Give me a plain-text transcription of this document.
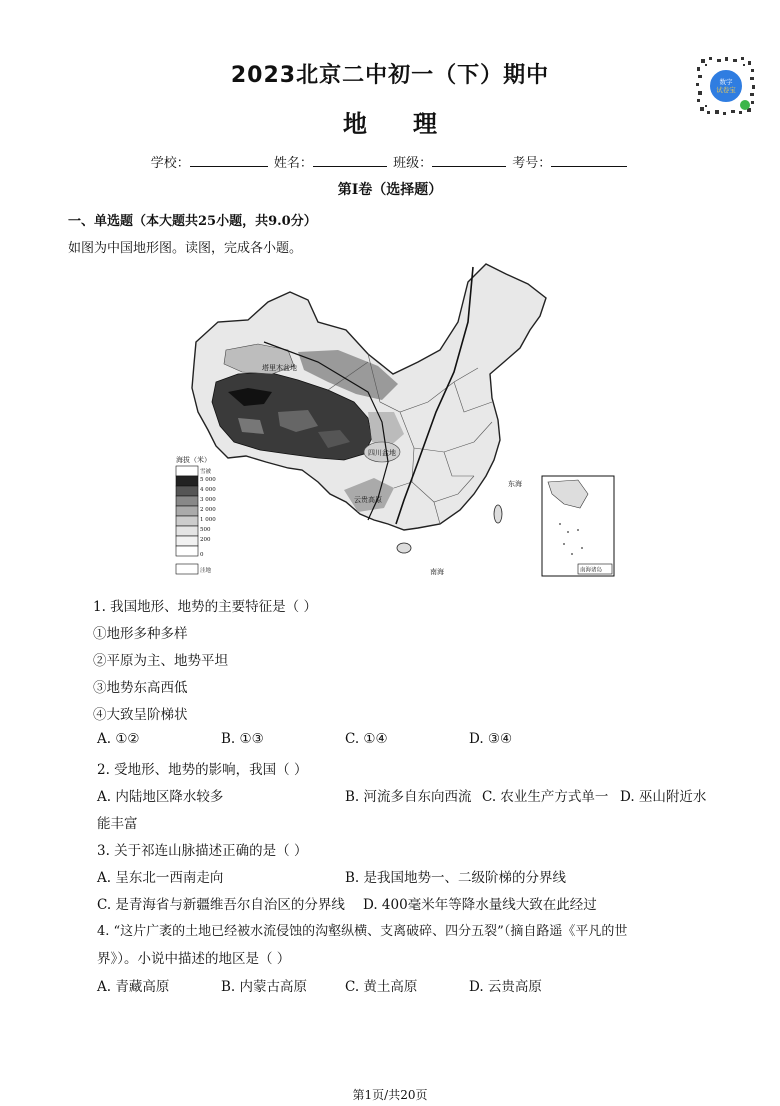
2023北京二中初一（下）期中	数字
试卷宝
地理
学校：	姓名：	班级：	考号：
第I卷（选择题）
一、单选题（本大题共25小题，共9.0分）
如图为中国地形图。读图，完成各小题。
塔里木盆地
四川盆地
云贵高原
东海
南海
海拔（米）
雪被
5 000
4 000
3 000
2 000
1 000
500
200
0
洼地	南海诸岛
1. 我国地形、地势的主要特征是（ ）
①地形多种多样
②平原为主、地势平坦
③地势东高西低
④大致呈阶梯状
A. ①②	B. ①③	C. ①④	D. ③④
2. 受地形、地势的影响，我国（ ）
A. 内陆地区降水较多	B. 河流多自东向西流 C. 农业生产方式单一 D. 巫山附近水
能丰富
3. 关于祁连山脉描述正确的是（ ）
A. 呈东北一西南走向	B. 是我国地势一、二级阶梯的分界线
C. 是青海省与新疆维吾尔自治区的分界线 D. 400毫米年等降水量线大致在此经过
4. “这片广袤的土地已经被水流侵蚀的沟壑纵横、支离破碎、四分五裂”（摘自路遥《平凡的世
界》）。小说中描述的地区是（ ）
A. 青藏高原	B. 内蒙古高原	C. 黄土高原	D. 云贵高原
第1页/共20页
